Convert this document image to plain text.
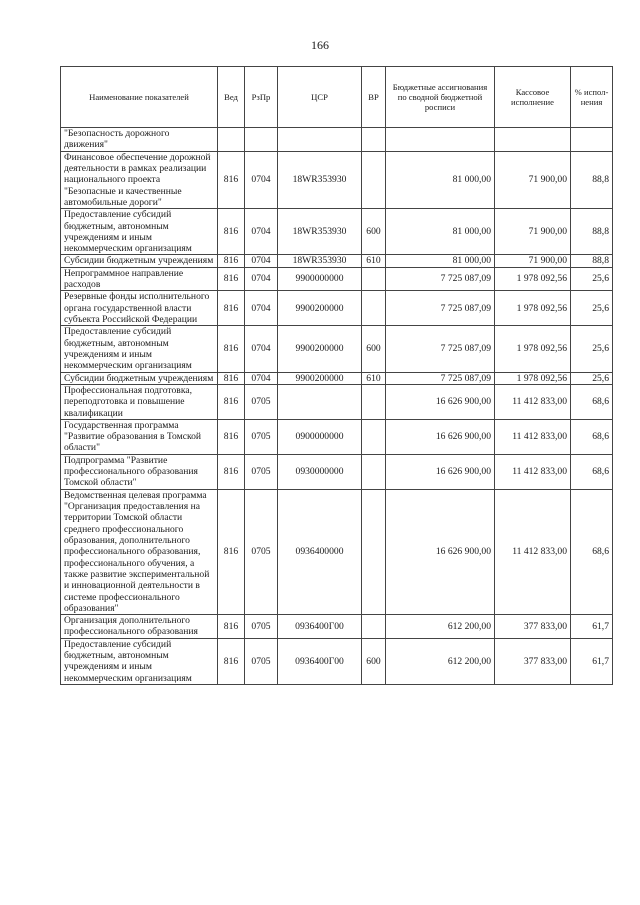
166
Наименование показателей	Вед	РзПр	ЦСР	ВР	Бюджетные ассигнования по сводной бюджетной росписи	Кассовое исполнение	% испол-нения
"Безопасность дорожного движения"							
Финансовое обеспечение дорожной деятельности в рамках реализации национального проекта "Безопасные и качественные автомобильные дороги"	816	0704	18WR353930		81 000,00	71 900,00	88,8
Предоставление субсидий бюджетным, автономным учреждениям и иным некоммерческим организациям	816	0704	18WR353930	600	81 000,00	71 900,00	88,8
Субсидии бюджетным учреждениям	816	0704	18WR353930	610	81 000,00	71 900,00	88,8
Непрограммное направление расходов	816	0704	9900000000		7 725 087,09	1 978 092,56	25,6
Резервные фонды исполнительного органа государственной власти субъекта Российской Федерации	816	0704	9900200000		7 725 087,09	1 978 092,56	25,6
Предоставление субсидий бюджетным, автономным учреждениям и иным некоммерческим организациям	816	0704	9900200000	600	7 725 087,09	1 978 092,56	25,6
Субсидии бюджетным учреждениям	816	0704	9900200000	610	7 725 087,09	1 978 092,56	25,6
Профессиональная подготовка, переподготовка и повышение квалификации	816	0705			16 626 900,00	11 412 833,00	68,6
Государственная программа "Развитие образования в Томской области"	816	0705	0900000000		16 626 900,00	11 412 833,00	68,6
Подпрограмма "Развитие профессионального образования Томской области"	816	0705	0930000000		16 626 900,00	11 412 833,00	68,6
Ведомственная целевая программа "Организация предоставления на территории Томской области среднего профессионального образования, дополнительного профессионального образования, профессионального обучения, а также развитие экспериментальной и инновационной деятельности в системе профессионального образования"	816	0705	0936400000		16 626 900,00	11 412 833,00	68,6
Организация дополнительного профессионального образования	816	0705	0936400Г00		612 200,00	377 833,00	61,7
Предоставление субсидий бюджетным, автономным учреждениям и иным некоммерческим организациям	816	0705	0936400Г00	600	612 200,00	377 833,00	61,7
